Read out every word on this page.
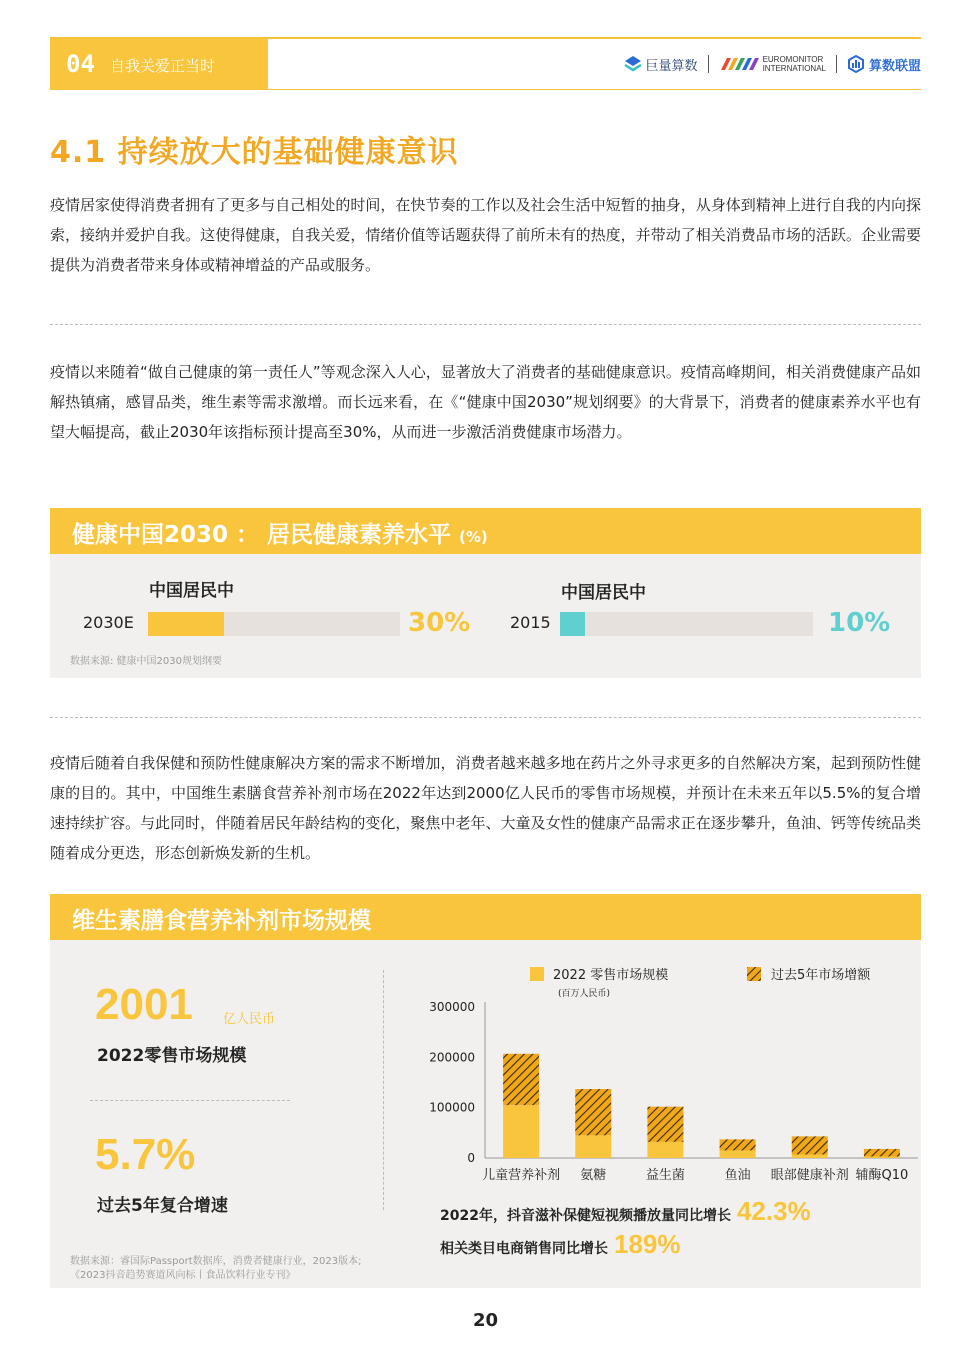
04 自我关爱正当时	巨量算数	EUROMONITOR
INTERNATIONAL	算数联盟
4.1 持续放大的基础健康意识
疫情居家使得消费者拥有了更多与自己相处的时间，在快节奏的工作以及社会生活中短暂的抽身，从身体到精神上进行自我的内向探索，接纳并爱护自我。这使得健康，自我关爱，情绪价值等话题获得了前所未有的热度，并带动了相关消费品市场的活跃。企业需要提供为消费者带来身体或精神增益的产品或服务。
疫情以来随着“做自己健康的第一责任人”等观念深入人心，显著放大了消费者的基础健康意识。疫情高峰期间，相关消费健康产品如解热镇痛，感冒品类，维生素等需求激增。而长远来看，在《“健康中国2030”规划纲要》的大背景下，消费者的健康素养水平也有望大幅提高，截止2030年该指标预计提高至30%，从而进一步激活消费健康市场潜力。
健康中国2030 ： 居民健康素养水平 (%)
中国居民中
2030E	30%
中国居民中
2015	10%
数据来源: 健康中国2030规划纲要
疫情后随着自我保健和预防性健康解决方案的需求不断增加，消费者越来越多地在药片之外寻求更多的自然解决方案，起到预防性健康的目的。其中，中国维生素膳食营养补剂市场在2022年达到2000亿人民币的零售市场规模，并预计在未来五年以5.5%的复合增速持续扩容。与此同时，伴随着居民年龄结构的变化，聚焦中老年、大童及女性的健康产品需求正在逐步攀升，鱼油、钙等传统品类随着成分更迭，形态创新焕发新的生机。
维生素膳食营养补剂市场规模
2001 亿人民币
2022零售市场规模
5.7%
过去5年复合增速
2022 零售市场规模
(百万人民币)
过去5年市场增额
0
100000
200000
300000
儿童营养补剂 氨糖	益生菌	鱼油 眼部健康补剂 辅酶Q10
2022年，抖音滋补保健短视频播放量同比增长 42.3%
相关类目电商销售同比增长 189%
数据来源：睿国际Passport数据库，消费者健康行业，2023版本;
《2023抖音趋势赛道风向标丨食品饮料行业专刊》
20
